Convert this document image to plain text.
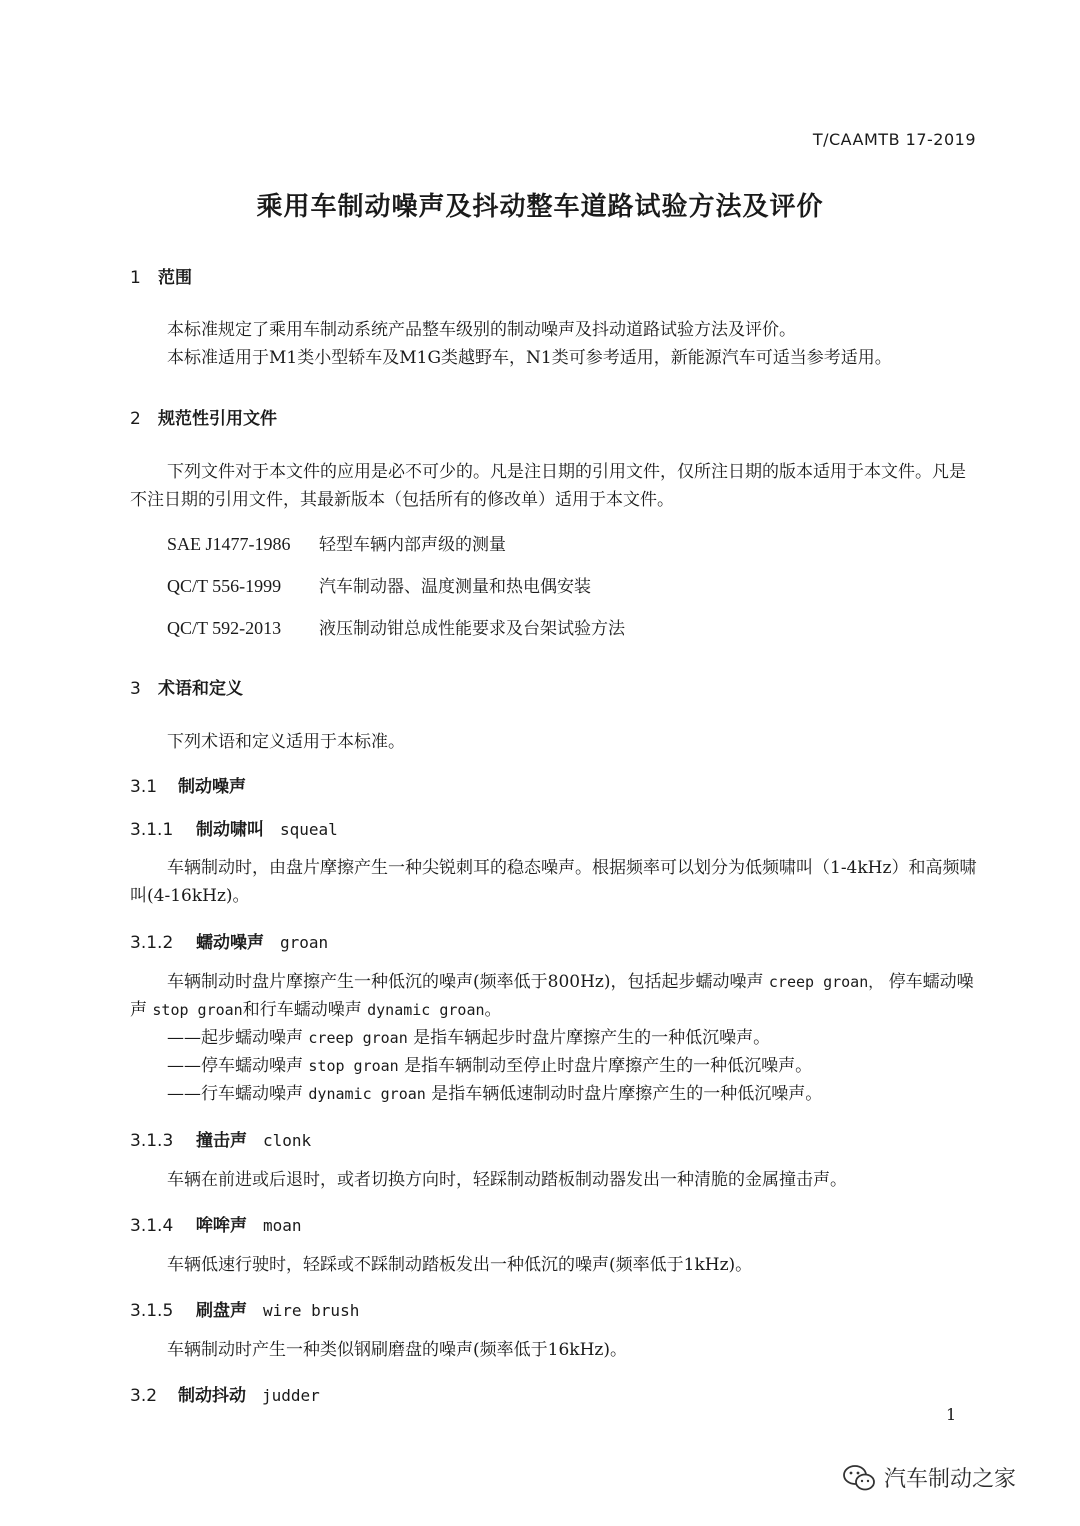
T/CAAMTB 17-2019
乘用车制动噪声及抖动整车道路试验方法及评价
1 范围
本标准规定了乘用车制动系统产品整车级别的制动噪声及抖动道路试验方法及评价。
本标准适用于M1类小型轿车及M1G类越野车，N1类可参考适用，新能源汽车可适当参考适用。
2 规范性引用文件
下列文件对于本文件的应用是必不可少的。凡是注日期的引用文件，仅所注日期的版本适用于本文件。凡是不注日期的引用文件，其最新版本（包括所有的修改单）适用于本文件。
SAE J1477-1986 轻型车辆内部声级的测量
QC/T 556-1999 汽车制动器、温度测量和热电偶安装
QC/T 592-2013 液压制动钳总成性能要求及台架试验方法
3 术语和定义
下列术语和定义适用于本标准。
3.1 制动噪声
3.1.1 制动啸叫 squeal
车辆制动时，由盘片摩擦产生一种尖锐刺耳的稳态噪声。根据频率可以划分为低频啸叫（1-4kHz）和高频啸叫(4-16kHz)。
3.1.2 蠕动噪声 groan
车辆制动时盘片摩擦产生一种低沉的噪声(频率低于800Hz)，包括起步蠕动噪声 creep groan， 停车蠕动噪声 stop groan和行车蠕动噪声 dynamic groan。
——起步蠕动噪声 creep groan 是指车辆起步时盘片摩擦产生的一种低沉噪声。
——停车蠕动噪声 stop groan 是指车辆制动至停止时盘片摩擦产生的一种低沉噪声。
——行车蠕动噪声 dynamic groan 是指车辆低速制动时盘片摩擦产生的一种低沉噪声。
3.1.3 撞击声 clonk
车辆在前进或后退时，或者切换方向时，轻踩制动踏板制动器发出一种清脆的金属撞击声。
3.1.4 哞哞声 moan
车辆低速行驶时，轻踩或不踩制动踏板发出一种低沉的噪声(频率低于1kHz)。
3.1.5 刷盘声 wire brush
车辆制动时产生一种类似钢刷磨盘的噪声(频率低于16kHz)。
3.2 制动抖动 judder
1
汽车制动之家
